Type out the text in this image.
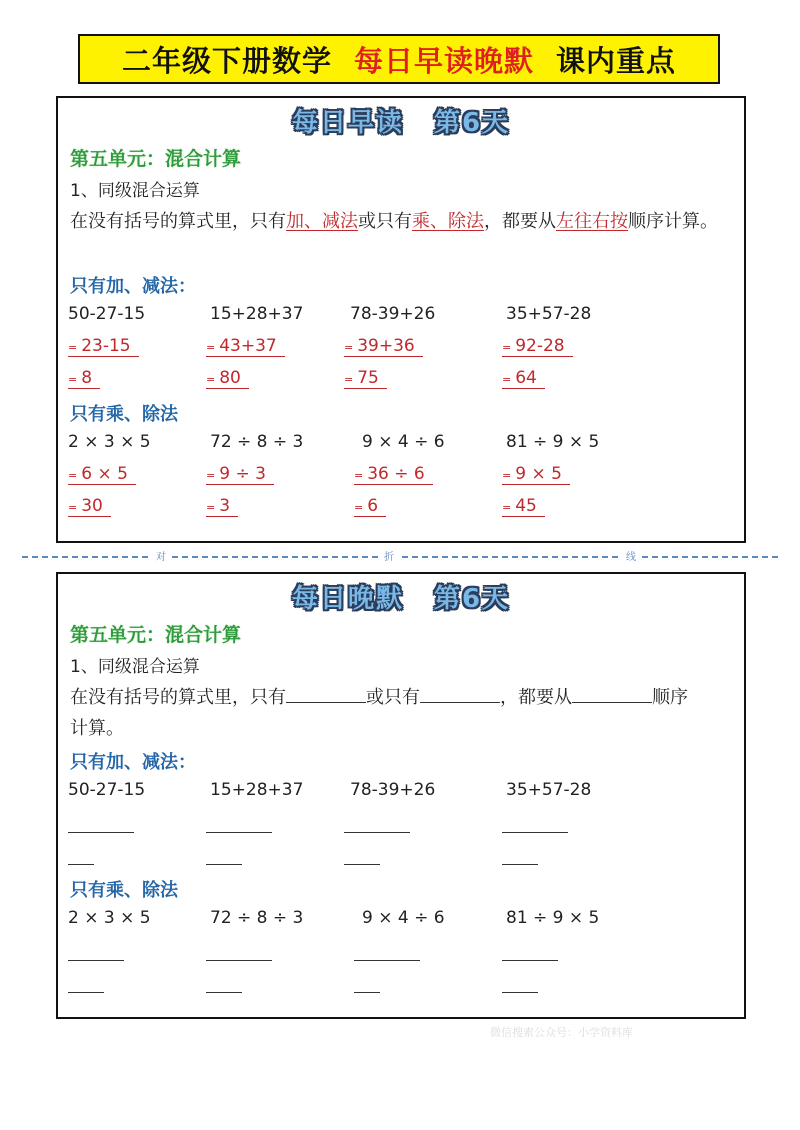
二年级下册数学 每日早读晚默 课内重点
每日早读 第6天
第五单元：混合计算
1、同级混合运算
在没有括号的算式里，只有加、减法或只有乘、除法，都要从左往右按顺序计算。
只有加、减法：
50-27-15	15+28+37	78-39+26	35+57-28
= 23-15	= 43+37	= 39+36	= 92-28
= 8	= 80	= 75	= 64
只有乘、除法
2 × 3 × 5	72 ÷ 8 ÷ 3	9 × 4 ÷ 6	81 ÷ 9 × 5
= 6 × 5	= 9 ÷ 3	= 36 ÷ 6	= 9 × 5
= 30	= 3	= 6	= 45
对	折	线
每日晚默 第6天
第五单元：混合计算
1、同级混合运算
在没有括号的算式里，只有	或只有	，都要从	顺序
计算。
只有加、减法：
50-27-15	15+28+37	78-39+26	35+57-28
只有乘、除法
2 × 3 × 5	72 ÷ 8 ÷ 3	9 × 4 ÷ 6	81 ÷ 9 × 5
微信搜索公众号：小学资料库
